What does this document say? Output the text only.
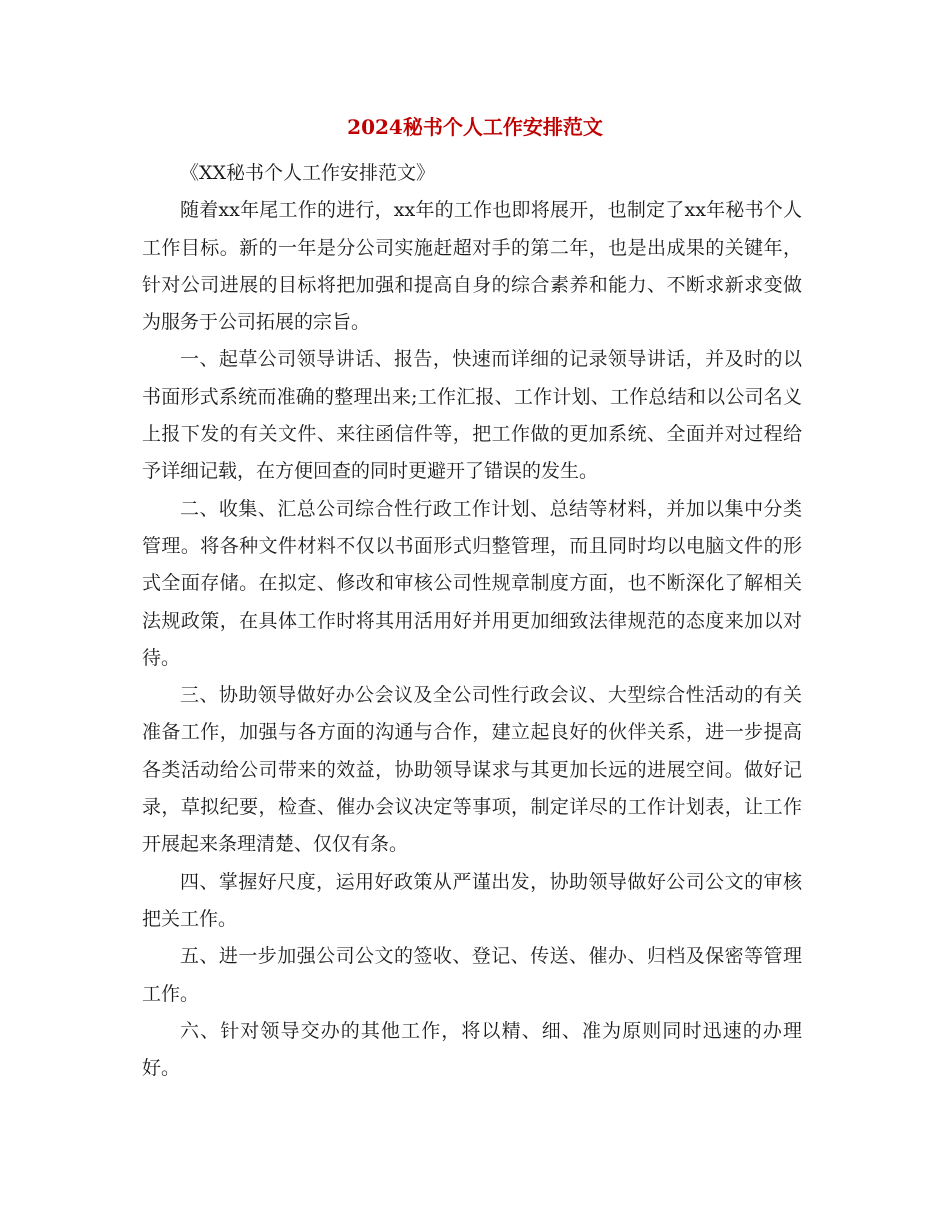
2024秘书个人工作安排范文

《XX秘书个人工作安排范文》

随着xx年尾工作的进行，xx年的工作也即将展开，也制定了xx年秘书个人工作目标。新的一年是分公司实施赶超对手的第二年，也是出成果的关键年，针对公司进展的目标将把加强和提高自身的综合素养和能力、不断求新求变做为服务于公司拓展的宗旨。

一、起草公司领导讲话、报告，快速而详细的记录领导讲话，并及时的以书面形式系统而准确的整理出来;工作汇报、工作计划、工作总结和以公司名义上报下发的有关文件、来往函信件等，把工作做的更加系统、全面并对过程给予详细记载，在方便回查的同时更避开了错误的发生。

二、收集、汇总公司综合性行政工作计划、总结等材料，并加以集中分类管理。将各种文件材料不仅以书面形式归整管理，而且同时均以电脑文件的形式全面存储。在拟定、修改和审核公司性规章制度方面，也不断深化了解相关法规政策，在具体工作时将其用活用好并用更加细致法律规范的态度来加以对待。

三、协助领导做好办公会议及全公司性行政会议、大型综合性活动的有关准备工作，加强与各方面的沟通与合作，建立起良好的伙伴关系，进一步提高各类活动给公司带来的效益，协助领导谋求与其更加长远的进展空间。做好记录，草拟纪要，检查、催办会议决定等事项，制定详尽的工作计划表，让工作开展起来条理清楚、仅仅有条。

四、掌握好尺度，运用好政策从严谨出发，协助领导做好公司公文的审核把关工作。

五、进一步加强公司公文的签收、登记、传送、催办、归档及保密等管理工作。

六、针对领导交办的其他工作，将以精、细、准为原则同时迅速的办理好。
